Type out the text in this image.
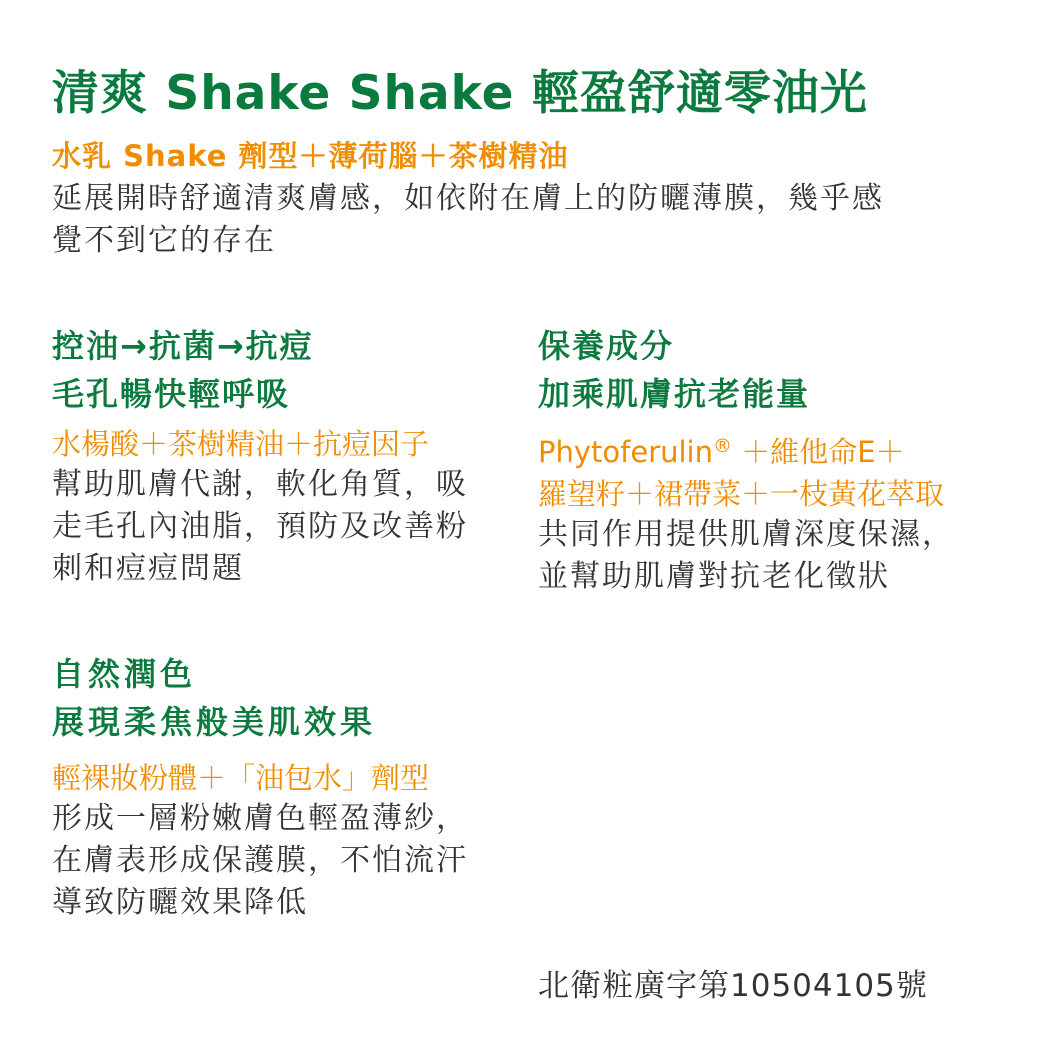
清爽 Shake Shake 輕盈舒適零油光
水乳 Shake 劑型＋薄荷腦＋茶樹精油
延展開時舒適清爽膚感，如依附在膚上的防曬薄膜，幾乎感
覺不到它的存在
控油→抗菌→抗痘
毛孔暢快輕呼吸
水楊酸＋茶樹精油＋抗痘因子
幫助肌膚代謝，軟化角質，吸
走毛孔內油脂，預防及改善粉
刺和痘痘問題
保養成分
加乘肌膚抗老能量
Phytoferulin® ＋維他命E＋
羅望籽＋裙帶菜＋一枝黃花萃取
共同作用提供肌膚深度保濕，
並幫助肌膚對抗老化徵狀
自然潤色
展現柔焦般美肌效果
輕裸妝粉體＋「油包水」劑型
形成一層粉嫩膚色輕盈薄紗，
在膚表形成保護膜，不怕流汗
導致防曬效果降低
北衛粧廣字第10504105號
